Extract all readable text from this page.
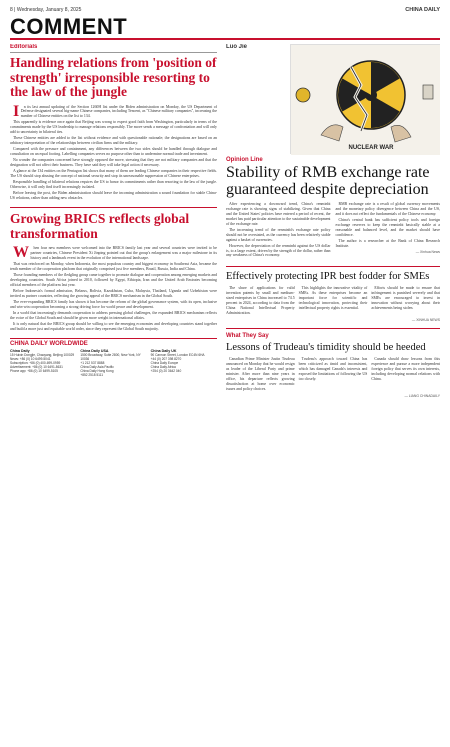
8 | Wednesday, January 8, 2025	CHINA DAILY
COMMENT
Editorials
Handling relations from 'position of strength' irresponsible resorting to the law of the jungle

In its last annual updating of the Section 1260H list under the Biden administration on Monday, the US Department of Defense designated several big-name Chinese companies, including Tencent, as "Chinese military companies", increasing the number of Chinese entities on the list to 134.

This apparently is evidence once again that Beijing was wrong to expect good faith from Washington, particularly in terms of the commitments made by the US leadership to manage relations responsibly. The move sends a message of confrontation and will only add to uncertainty in bilateral ties.

These Chinese entities are added to the list without evidence and with questionable rationale; the designations are based on an arbitrary interpretation of the relationships between civilian firms and the military.

Compared with the pressure and containment, any differences between the two sides should be handled through dialogue and consultation on an equal footing. Labelling companies serves no purpose other than to undermine normal trade and investment.

No wonder the companies concerned have strongly opposed the move, stressing that they are not military companies and that the designation will not affect their business. They have said they will take legal action if necessary.

A glance at the 134 entities on the Pentagon list shows that many of them are leading Chinese companies in their respective fields. The US should stop abusing the concept of national security and stop its unreasonable suppression of Chinese enterprises.

Responsible handling of bilateral relations requires the US to honor its commitments rather than resorting to the law of the jungle. Otherwise, it will only find itself increasingly isolated.

Before leaving the post, the Biden administration should leave the incoming administration a sound foundation for stable China-US relations, rather than adding new obstacles.

Growing BRICS reflects global transformation

When four new members were welcomed into the BRICS family last year and several countries were invited to be partner countries, Chinese President Xi Jinping pointed out that the group's enlargement was a major milestone in its history and a landmark event in the evolution of the international landscape.

That was reinforced on Monday, when Indonesia, the most populous country and biggest economy in Southeast Asia, became the tenth member of the cooperation platform that originally comprised just five members, Brazil, Russia, India and China.

Those founding members of the fledgling group came together to promote dialogue and cooperation among emerging markets and developing countries. South Africa joined in 2010, followed by Egypt, Ethiopia, Iran and the United Arab Emirates becoming official members of the platform last year.

Before Indonesia's formal admission, Belarus, Bolivia, Kazakhstan, Cuba, Malaysia, Thailand, Uganda and Uzbekistan were invited as partner countries, reflecting the growing appeal of the BRICS mechanism in the Global South.

The ever-expanding BRICS family has shown it has become the reform of the global governance system, with its open, inclusive and win-win cooperation becoming a strong driving force for world peace and development.

In a world that increasingly demands cooperation to address pressing global challenges, the expanded BRICS mechanism reflects the voice of the Global South and should be given more weight in international affairs.

It is only natural that the BRICS group should be willing to see the emerging economies and developing countries stand together and build a more just and equitable world order, since they represent the Global South majority.

CHINA DAILY WORLDWIDE
China Daily
15 Huixin Dongjie, Chaoyang, Beijing 100029
News: +86 (0) 10 6499-5041
Subscription: +86 (0) 400-699-0959
Advertisement: +86 (0) 10 6491-8631
Phone app: +86 (0) 10 6499-5105
China Daily USA
1500 Broadway, Suite 2800, New York, NY 10036
+1 212 537 8888
China Daily Asia Pacific
China Daily Hong Kong
+852 2518 5111
China Daily UK
90 Cannon Street, London EC4N 6HA
+44 (0) 207 398 8270
China Daily Europe
China Daily Africa
+254 (0) 20 3642 040
Luo Jie
NUCLEAR WAR
Opinion Line
Stability of RMB exchange rate guaranteed despite depreciation

After experiencing a downward trend, China's renminbi exchange rate is showing signs of stabilizing. Given that China and the United States' policies have entered a period of recent, the market has paid particular attention to the sustainable development of the exchange rate.

The increasing trend of the renminbi's exchange rate policy should not be overstated, as the currency has been relatively stable against a basket of currencies.

However, the depreciation of the renminbi against the US dollar is, to a large extent, driven by the strength of the dollar, rather than any weakness of China's economy.

RMB exchange rate is a result of global currency movements and the monetary policy divergence between China and the US, and it does not reflect the fundamentals of the Chinese economy.

China's central bank has sufficient policy tools and foreign exchange reserves to keep the renminbi basically stable at a reasonable and balanced level, and the market should have confidence.

The author is a researcher at the Bank of China Research Institute.

— Xinhua News
Effectively protecting IPR best fodder for SMEs

The share of applications for valid invention patents by small and medium-sized enterprises in China increased to 74.5 percent in 2024, according to data from the China National Intellectual Property Administration.

This highlights the innovative vitality of SMEs. As these enterprises become an important force for scientific and technological innovation, protecting their intellectual property rights is essential.

Efforts should be made to ensure that infringement is punished severely and that SMEs are encouraged to invest in innovation without worrying about their achievements being stolen.

— XINHUA NEWS
What They Say
Lessons of Trudeau's timidity should be heeded

Canadian Prime Minister Justin Trudeau announced on Monday that he would resign as leader of the Liberal Party and prime minister. After more than nine years in office, his departure reflects growing dissatisfaction at home over economic issues and policy choices.

Trudeau's approach toward China has been criticized as timid and inconsistent, which has damaged Canada's interests and exposed the limitations of following the US too closely.

Canada should draw lessons from this experience and pursue a more independent foreign policy that serves its own interests, including developing normal relations with China.

— LIANG CHINADAILY
